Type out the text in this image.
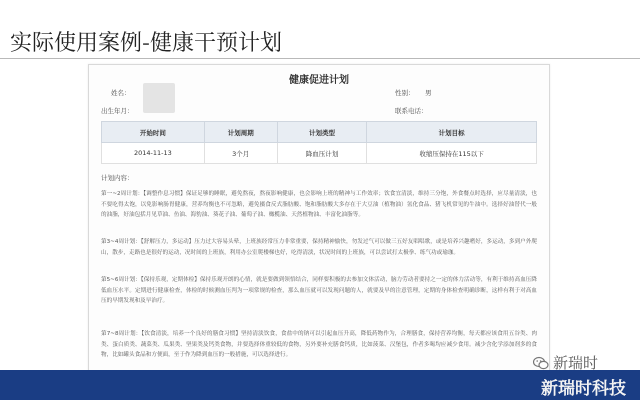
实际使用案例-健康干预计划
健康促进计划
姓名：	性别： 男
出生年月：	联系电话：
开始时间	计划周期	计划类型	计划目标
2014-11-13	3个月	降血压计划	收缩压保持在115以下
计划内容：
第一~2周计划：【调整作息习惯】保证足够的睡眠，避免熬夜，熬夜影响健康，也会影响上班的精神与工作效率；饮食宜清淡，维持三分饱，外食餐点时选择，应尽量清淡，也不要吃得太饱，以免影响肠胃健康，营养均衡也不可忽略，避免摄食反式脂肪酸、饱和脂肪酸大多存在于大豆油（植物油）氢化食品、猪飞机常见的牛油中。选择好油替代一般的油脂，好油包括月见草油、鱼油、海豹油、葵花子油、葡萄子油、橄榄油、天然植物油、丰富化油脂等。
第3~4周计划：【舒解压力，多运动】压力过大容易头晕，上班族经常压力非常重要，保持精神愉快，勿发过气可以做三五好友唱唱歌，或是培养兴趣嗜好，多运动，多到户外爬山，散步，走路也是很好的运动，况时间的上班族，利用办公室爬楼梯也好，吃得清淡，状况时间的上班族，可以尝试打太极拳、练气功或瑜珈。
第5~6周计划：【保持乐观，定期体检】保持乐观开朗的心情，就是要做到领悟结合，同样要积极的去参加文体活动，脑力劳动者要持之一定的体力活动等，有利于维持高血压降低血压水平。定期进行健康检查，体检的时候测血压判为一项常规的检查，那么血压就可以发现问题的人，就要及早的注意管理，定期的身体检查明确诊断，这样有利于对高血压的早期发现和及早治疗。
第7~8周计划：【饮食清淡，培养一个良好的膳食习惯】坚持清淡饮食，食盐中的钠可以引起血压升高，降低药物作为，合理膳食，保持营养均衡，每天都应该食用五谷类、肉类、蛋白质类、蔬菜类、瓜果类、坚果类及钙类食物，并要选择体重较低的食物，另外要补充膳食钙质，比如菠菜、汉堡包，作者多喝均应减少食用。减少含化学添加剂多的食物，比如罐头食品和方便面，至于作为降到血压的一般措施，可以选择进行。	新瑞时
新瑞时科技
